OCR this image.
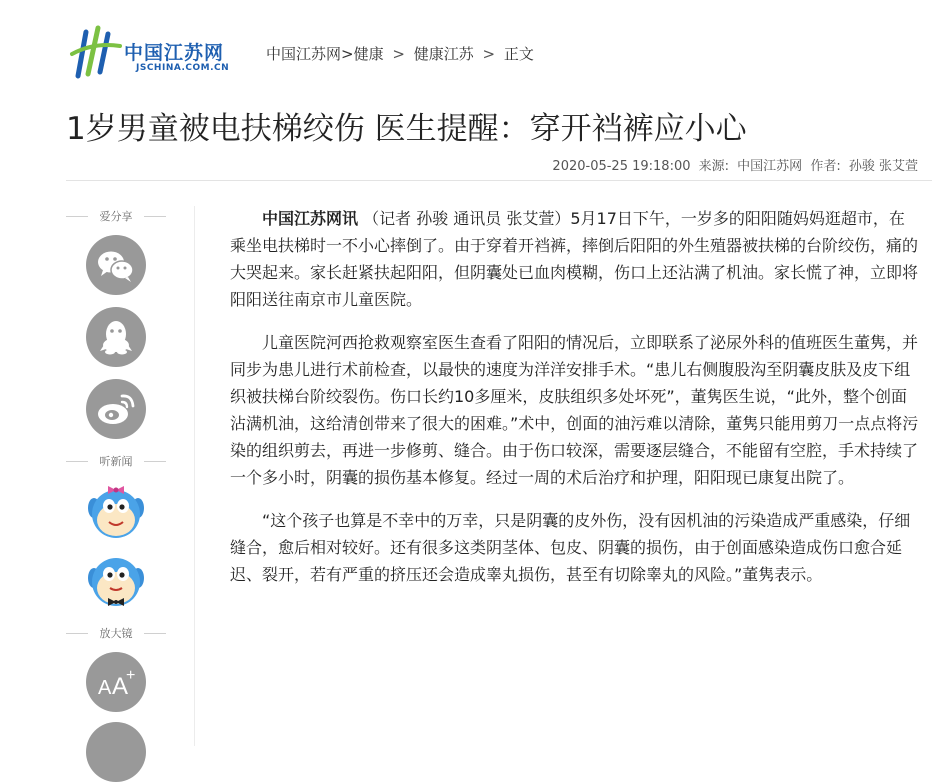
中国江苏网
JSCHINA.COM.CN
中国江苏网>健康 > 健康江苏 > 正文
1岁男童被电扶梯绞伤 医生提醒：穿开裆裤应小心
2020-05-25 19:18:00 来源: 中国江苏网 作者: 孙骏 张艾萱
爱分享
听新闻
放大镜
A A
+

中国江苏网讯 （记者 孙骏 通讯员 张艾萱）5月17日下午，一岁多的阳阳随妈妈逛超市，在乘坐电扶梯时一不小心摔倒了。由于穿着开裆裤，摔倒后阳阳的外生殖器被扶梯的台阶绞伤，痛的大哭起来。家长赶紧扶起阳阳，但阴囊处已血肉模糊，伤口上还沾满了机油。家长慌了神，立即将阳阳送往南京市儿童医院。

儿童医院河西抢救观察室医生查看了阳阳的情况后，立即联系了泌尿外科的值班医生董隽，并同步为患儿进行术前检查，以最快的速度为洋洋安排手术。“患儿右侧腹股沟至阴囊皮肤及皮下组织被扶梯台阶绞裂伤。伤口长约10多厘米，皮肤组织多处坏死”，董隽医生说，“此外，整个创面沾满机油，这给清创带来了很大的困难。”术中，创面的油污难以清除，董隽只能用剪刀一点点将污染的组织剪去，再进一步修剪、缝合。由于伤口较深，需要逐层缝合，不能留有空腔，手术持续了一个多小时，阴囊的损伤基本修复。经过一周的术后治疗和护理，阳阳现已康复出院了。

“这个孩子也算是不幸中的万幸，只是阴囊的皮外伤，没有因机油的污染造成严重感染，仔细缝合，愈后相对较好。还有很多这类阴茎体、包皮、阴囊的损伤，由于创面感染造成伤口愈合延迟、裂开，若有严重的挤压还会造成睾丸损伤，甚至有切除睾丸的风险。”董隽表示。
